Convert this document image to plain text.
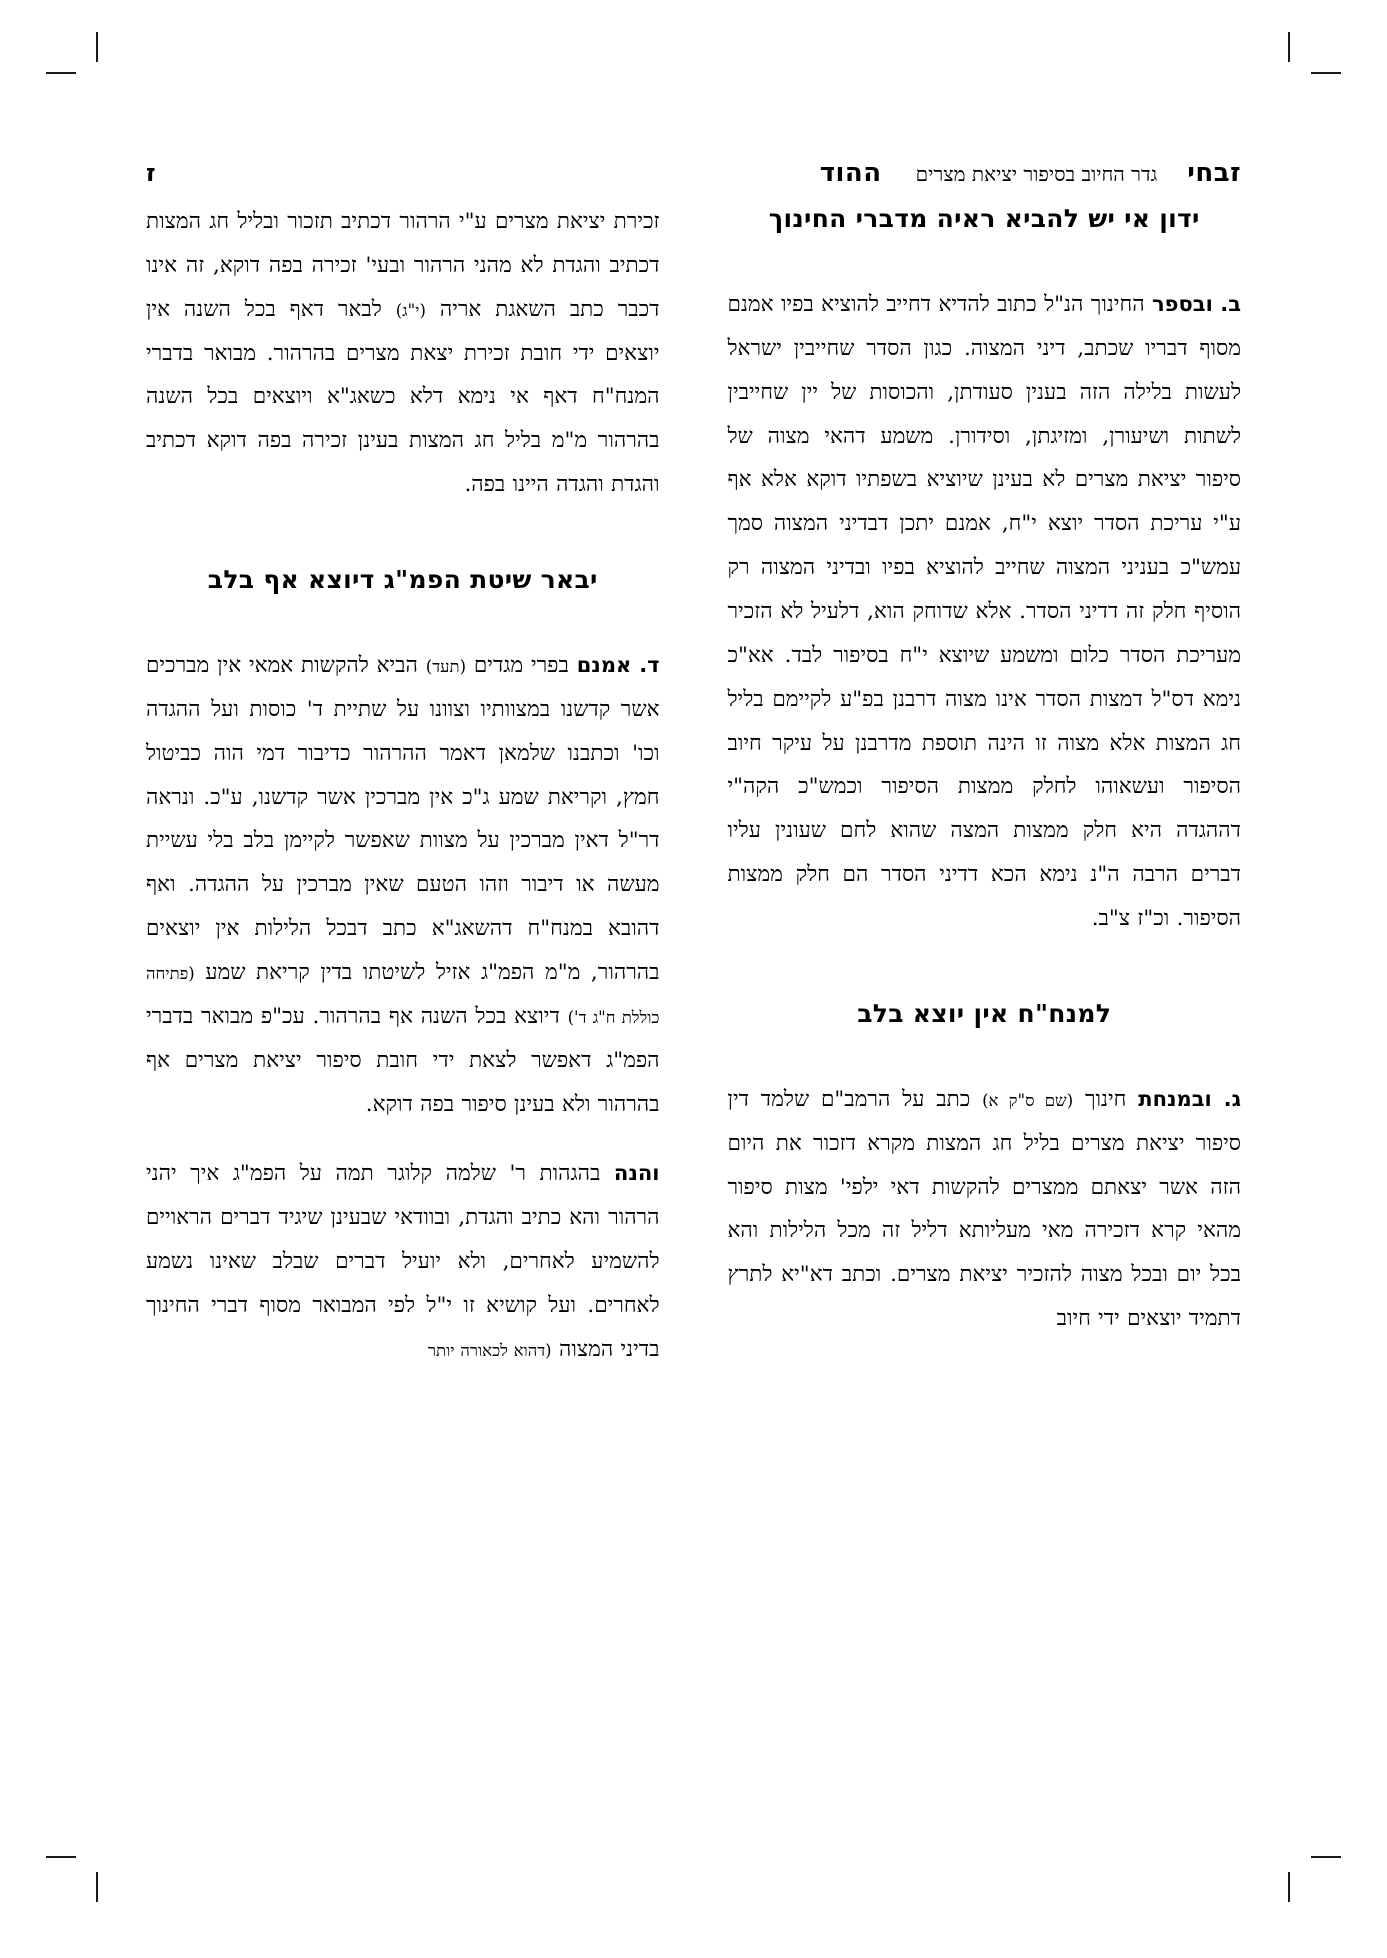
זבחי
גדר החיוב בסיפור יציאת מצרים
ההוד
ז
ידון אי יש להביא ראיה מדברי החינוך

ב. ובספר החינוך הנ"ל כתוב להדיא דחייב להוציא בפיו אמנם מסוף דבריו שכתב, דיני המצוה. כגון הסדר שחייבין ישראל לעשות בלילה הזה בענין סעודתן, והכוסות של יין שחייבין לשתות ושיעורן, ומזיגתן, וסידורן. משמע דהאי מצוה של סיפור יציאת מצרים לא בעינן שיוציא בשפתיו דוקא אלא אף ע"י עריכת הסדר יוצא י"ח, אמנם יתכן דבדיני המצוה סמך עמש"כ בעניני המצוה שחייב להוציא בפיו ובדיני המצוה רק הוסיף חלק זה דדיני הסדר. אלא שדוחק הוא, דלעיל לא הזכיר מעריכת הסדר כלום ומשמע שיוצא י"ח בסיפור לבד. אא"כ נימא דס"ל דמצות הסדר אינו מצוה דרבנן בפ"ע לקיימם בליל חג המצות אלא מצוה זו הינה תוספת מדרבנן על עיקר חיוב הסיפור ועשאוהו לחלק ממצות הסיפור וכמש"כ הקה"י דההגדה היא חלק ממצות המצה שהוא לחם שעונין עליו דברים הרבה ה"נ נימא הכא דדיני הסדר הם חלק ממצות הסיפור. וכ"ז צ"ב.

למנח"ח אין יוצא בלב

ג. ובמנחת חינוך (שם ס"ק א) כתב על הרמב"ם שלמד דין סיפור יציאת מצרים בליל חג המצות מקרא דזכור את היום הזה אשר יצאתם ממצרים להקשות דאי ילפי' מצות סיפור מהאי קרא דזכירה מאי מעליותא דליל זה מכל הלילות והא בכל יום ובכל מצוה להזכיר יציאת מצרים. וכתב דא"יא לתרץ דתמיד יוצאים ידי חיוב

זכירת יציאת מצרים ע"י הרהור דכתיב תזכור ובליל חג המצות דכתיב והגדת לא מהני הרהור ובעי' זכירה בפה דוקא, זה אינו דכבר כתב השאגת אריה (י"ג) לבאר דאף בכל השנה אין יוצאים ידי חובת זכירת יצאת מצרים בהרהור. מבואר בדברי המנח"ח דאף אי נימא דלא כשאג"א ויוצאים בכל השנה בהרהור מ"מ בליל חג המצות בעינן זכירה בפה דוקא דכתיב והגדת והגדה היינו בפה.

יבאר שיטת הפמ"ג דיוצא אף בלב

ד. אמנם בפרי מגדים (תעד) הביא להקשות אמאי אין מברכים אשר קדשנו במצוותיו וצוונו על שתיית ד' כוסות ועל ההגדה וכו' וכתבנו שלמאן דאמר ההרהור כדיבור דמי הוה כביטול חמץ, וקריאת שמע ג"כ אין מברכין אשר קדשנו, ע"כ. ונראה דר"ל דאין מברכין על מצוות שאפשר לקיימן בלב בלי עשיית מעשה או דיבור וזהו הטעם שאין מברכין על ההגדה. ואף דהובא במנח"ח דהשאג"א כתב דבכל הלילות אין יוצאים בהרהור, מ"מ הפמ"ג אזיל לשיטתו בדין קריאת שמע (פתיחה כוללת ח"ג ד') דיוצא בכל השנה אף בהרהור. עכ"פ מבואר בדברי הפמ"ג דאפשר לצאת ידי חובת סיפור יציאת מצרים אף בהרהור ולא בעינן סיפור בפה דוקא.

והנה בהגהות ר' שלמה קלוגר תמה על הפמ"ג איך יהני הרהור והא כתיב והגדת, ובוודאי שבעינן שיגיד דברים הראויים להשמיע לאחרים, ולא יועיל דברים שבלב שאינו נשמע לאחרים. ועל קושיא זו י"ל לפי המבואר מסוף דברי החינוך בדיני המצוה (דהוא לכאורה יותר
